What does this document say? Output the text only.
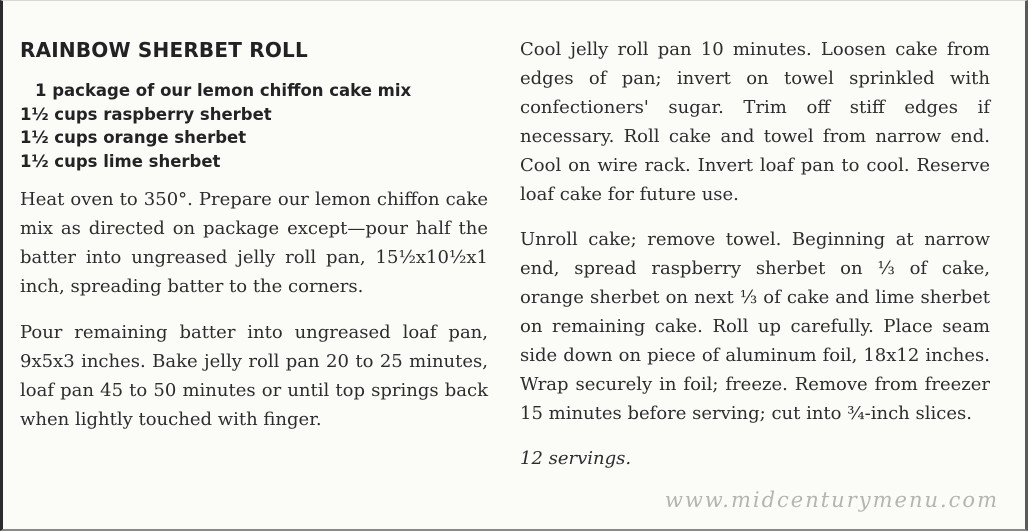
RAINBOW SHERBET ROLL
1 package of our lemon chiffon cake mix
1½ cups raspberry sherbet
1½ cups orange sherbet
1½ cups lime sherbet

Heat oven to 350°. Prepare our lemon chiffon cake mix as directed on package except—pour half the batter into ungreased jelly roll pan, 15½x10½x1 inch, spreading batter to the corners.

Pour remaining batter into ungreased loaf pan, 9x5x3 inches. Bake jelly roll pan 20 to 25 minutes, loaf pan 45 to 50 minutes or until top springs back when lightly touched with finger.

Cool jelly roll pan 10 minutes. Loosen cake from edges of pan; invert on towel sprinkled with confectioners' sugar. Trim off stiff edges if necessary. Roll cake and towel from narrow end. Cool on wire rack. Invert loaf pan to cool. Reserve loaf cake for future use.

Unroll cake; remove towel. Beginning at narrow end, spread raspberry sherbet on ⅓ of cake, orange sherbet on next ⅓ of cake and lime sherbet on remaining cake. Roll up carefully. Place seam side down on piece of aluminum foil, 18x12 inches. Wrap securely in foil; freeze. Remove from freezer 15 minutes before serving; cut into ¾-inch slices.

12 servings.

www.midcenturymenu.com
